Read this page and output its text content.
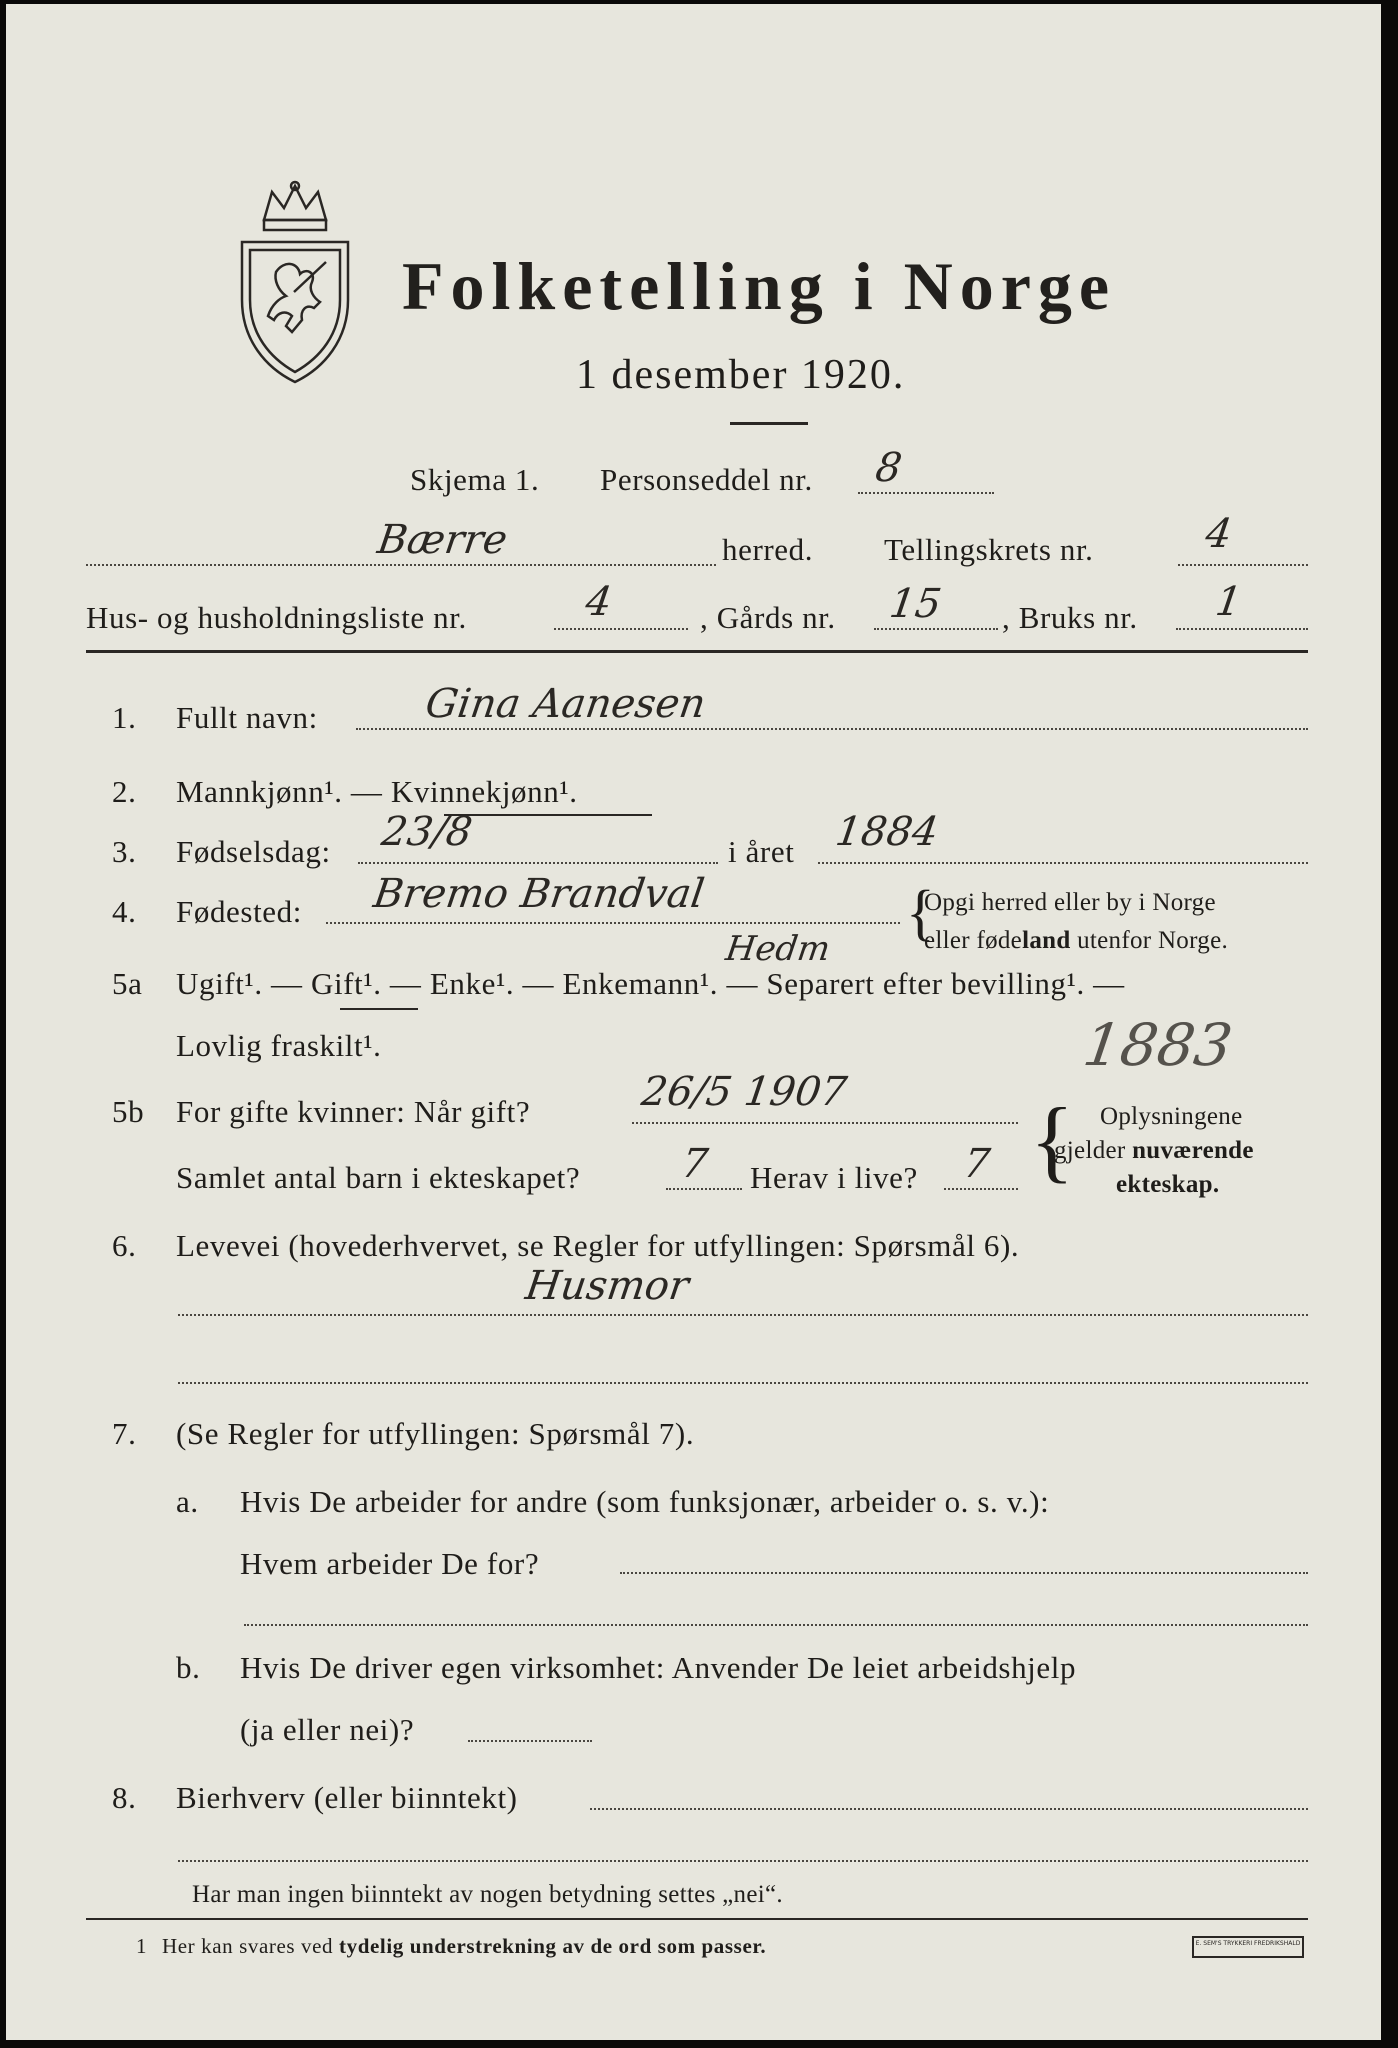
Folketelling i Norge
1 desember 1920.
Skjema 1. Personseddel nr. 8
Bærre	herred. Tellingskrets nr.	4
Hus- og husholdningsliste nr.	4	, Gårds nr. 15 , Bruks nr. 1
1. Fullt navn:	Gina Aanesen
2. Mannkjønn¹. — Kvinnekjønn¹.
3. Fødselsdag: 23/8	i året 1884
4. Fødested: Bremo Brandval
Hedm
{
Opgi herred eller by i Norge
eller fødeland utenfor Norge.
5a Ugift¹. — Gift¹. — Enke¹. — Enkemann¹. — Separert efter bevilling¹. —
Lovlig fraskilt¹.	1883
5b For gifte kvinner: Når gift?	26/5 1907
Samlet antal barn i ekteskapet? 7 Herav i live? 7 { Oplysningene
gjelder nuværende
ekteskap.
6. Levevei (hovederhvervet, se Regler for utfyllingen: Spørsmål 6).
Husmor
7. (Se Regler for utfyllingen: Spørsmål 7).
a. Hvis De arbeider for andre (som funksjonær, arbeider o. s. v.):
Hvem arbeider De for?
b. Hvis De driver egen virksomhet: Anvender De leiet arbeidshjelp
(ja eller nei)?
8. Bierhverv (eller biinntekt)
Har man ingen biinntekt av nogen betydning settes „nei“.
1 Her kan svares ved tydelig understrekning av de ord som passer.	E. SEM'S TRYKKERI FREDRIKSHALD
